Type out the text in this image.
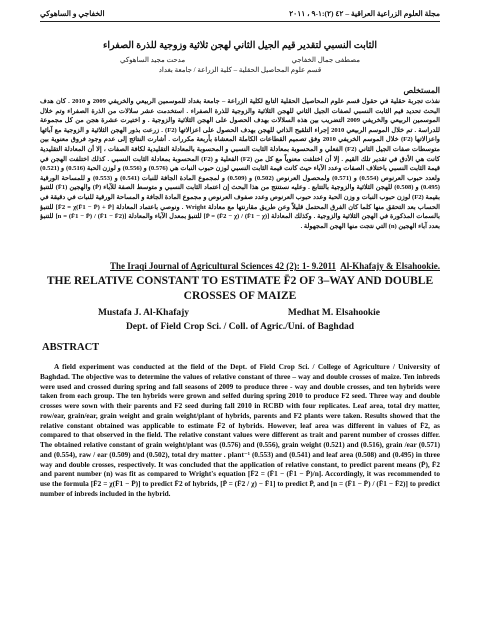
مجلة العلوم الزراعية العراقية – ٤٢ (٢):١-٩ ، ٢٠١١
الخفاجي و الساهوكي
الثابت النسبي لتقدير قيم الجيل الثاني لهجن ثلاثية وزوجية للذرة الصفراء
مصطفى جمال الخفاجي
مدحت مجيد الساهوكي
قسم علوم المحاصيل الحقلية – كلية الزراعة / جامعة بغداد
المستخلص

نفذت تجربة حقلية في حقول قسم علوم المحاصيل الحقلية التابع لكلية الزراعة – جامعة بغداد للموسمين الربيعي والخريفي 2009 و 2010 . كان هدف البحث تحديد قيم الثابت النسبي لصفات الجيل الثاني للهجن الثلاثية والزوجية للذرة الصفراء . استخدمت عشر سلالات من الذرة الصفراء وتم خلال الموسمين الربيعي والخريفي 2009 التضريب بين هذه السلالات بهدف الحصول على الهجن الثلاثية والزوجية . و اختيرت عشرة هجن من كل مجموعة للدراسة . تم خلال الموسم الربيعي 2010 إجراء التلقيح الذاتي للهجن بهدف الحصول على اعزالاتها (F2) . زرعت بذور الهجن الثلاثية و الزوجية مع آبائها واعزالاتها (F2) خلال الموسم الخريفي 2010 وفق تصميم القطاعات الكاملة المعشاة بأربعة مكررات . أشارت النتائج إلى عدم وجود فروق معنوية بين متوسطات صفات الجيل الثاني (F2) الفعلي و المحسوبة بمعادلة الثابت النسبي و المحسوبة بالمعادلة التقليدية لكافة الصفات ، إلا أن المعادلة التقليدية كانت هي الأدق في تقدير تلك القيم . إلا أن اختلفت معنوياً مع كل من (F2) الفعلية و (F2) المحسوبة بمعادلة الثابت النسبي . كذلك اختلفت الهجن في قيمة الثابت النسبي باختلاف الصفات وعدد الآباء حيث كانت قيمة الثابت النسبي لوزن حبوب النبات هي (0.576) و (0.556) و لوزن الحبة (0.516) و (0.521) ولعدد حبوب العرنوص (0.554) و (0.571) ولمحصول العرنوص (0.502) و (0.509) و لمجموع المادة الجافة للنبات (0.541) و (0.553) و للمساحة الورقية (0.495) و (0.508) للهجن الثلاثية والزوجية بالتتابع . وعليه نستنتج من هذا البحث إن اعتماد الثابت النسبي و متوسط الصفة للآباء (P̄) والهجين (F̄1) للتنبؤ بقيمة (F2) لوزن حبوب النبات و وزن الحبة وعدد حبوب العرنوص وعدد صفوف العرنوص و مجموع المادة الجافة و المساحة الورقية للنبات في دقيقة في الحساب بعد التحقق منها كلما كان الفرق المحتمل قليلاً وعن طريق مقارنتها مع معادلة Wright . ونوصي باعتماد المعادلة [F̄2 = χ(F̄1 − P̄) + P̄] للتنبؤ بالسمات المذكورة في الهجن الثلاثية والزوجية . وكذلك المعادلة [P̄ = (F̄2 − χ) / (F̄1 − χ)] للتنبؤ بمعدل الآباء والمعادلة [n = (F̄1 − P̄) / (F̄1 − F̄2)] للتنبؤ بعدد آباء الهجين (n) التي نتجت منها الهجن المجهولة .

The Iraqi Journal of Agricultural Sciences 42 (2): 1- 9.2011 Al-Khafajy & Elsahookie.
THE RELATIVE CONSTANT TO ESTIMATE F̄2 OF 3–WAY AND DOUBLE CROSSES OF MAIZE
Mustafa J. Al-Khafajy	Medhat M. Elsahookie
Dept. of Field Crop Sci. / Coll. of Agric./Uni. of Baghdad
ABSTRACT

A field experiment was conducted at the field of the Dept. of Field Crop Sci. / College of Agriculture / University of Baghdad. The objective was to determine the values of relative constant of three – way and double crosses of maize. Ten inbreds were used and crossed during spring and fall seasons of 2009 to produce three - way and double crosses, and ten hybrids were taken from each group. The ten hybrids were grown and selfed during spring 2010 to produce F2 seed. Three way and double crosses were sown with their parents and F2 seed during fall 2010 in RCBD with four replicates. Leaf area, total dry matter, row/ear, grain/ear, grain weight and grain weight/plant of hybrids, parents and F2 plants were taken. Results showed that the relative constant obtained was applicable to estimate F̄2 of hybrids. However, leaf area was different in values of F̄2, as compared to that observed in the field. The relative constant values were different as trait and parent number of crosses differ. The obtained relative constant of grain weight/plant was (0.576) and (0.556), grain weight (0.521) and (0.516), grain /ear (0.571) and (0.554), raw / ear (0.509) and (0.502), total dry matter . plant⁻¹ (0.553) and (0.541) and leaf area (0.508) and (0.495) in three way and double crosses, respectively. It was concluded that the application of relative constant, to predict parent means (P̄), F̄2 and parent number (n) was fit as compared to Wright's equation [F̄2 = (F̄1 − (F̄1 − P̄)/n]. Accordingly, it was recommended to use the formula [F̄2 = χ(F̄1 − P̄)] to predict F̄2 of hybrids, [P̄ = (F̄2 / χ) − F̄1] to predict P̄, and [n = (F̄1 − P̄) / (F̄1 − F̄2)] to predict number of inbreds included in the hybrid.
